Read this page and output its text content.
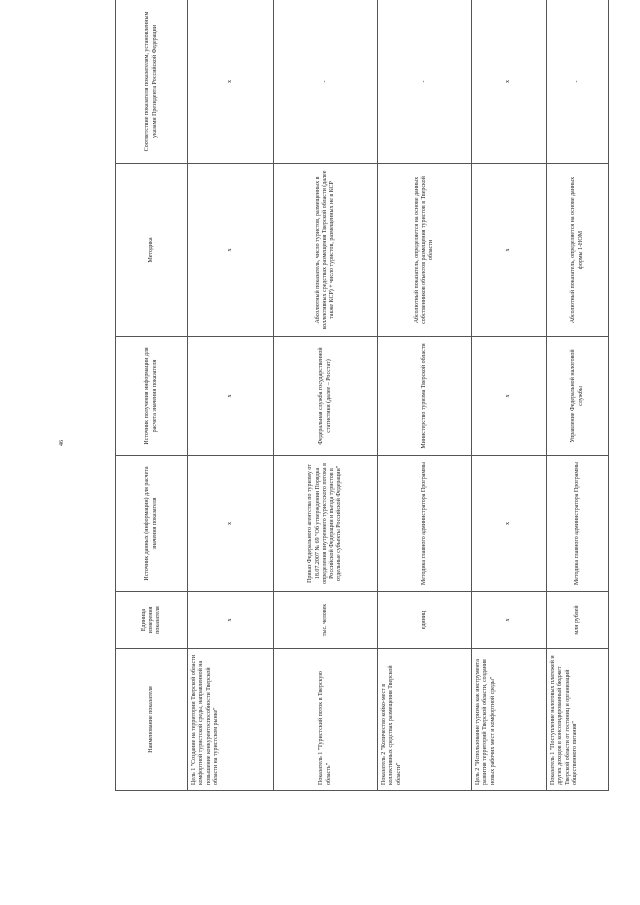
46
Наименование показателя	Единица измерения показателя	Источник данных (информации) для расчета значения показателя	Источник получения информации для расчета значения показателя	Методика	Соответствие показателя показателям, установленным указами Президента Российской Федерации
Цель 1 "Создание на территории Тверской области комфортной туристской среды, направленной на повышение конкурентоспособности Тверской области на туристском рынке"	x	x	x	x	x
Показатель 1 "Туристский поток в Тверскую область"	тыс. человек	Приказ Федерального агентства по туризму от 18.07.2007 № 69 "Об утверждении Порядка определения внутреннего туристского потока в Российской Федерации и въезда туристов в отдельные субъекты Российской Федерации"	Федеральная служба государственной статистики (далее – Росстат)	Абсолютный показатель, число туристов, размещенных в коллективных средствах размещения Тверской области (далее также КСР) + число туристов, размещенных не в КСР	-
Показатель 2 "Количество койко-мест в коллективных средствах размещения Тверской области"	единиц	Методика главного администратора Программы	Министерство туризма Тверской области	Абсолютный показатель, определяется на основе данных собственников объектов размещения туристов в Тверской области	-
Цель 2 "Использование туризма как инструмента развития территорий Тверской области, создания новых рабочих мест и комфортной среды"	x	x	x	x	x
Показатель 1 "Поступление налоговых платежей и других доходов в консолидированный бюджет Тверской области от гостиниц и организаций общественного питания"	млн рублей	Методика главного администратора Программы	Управление Федеральной налоговой службы	Абсолютный показатель, определяется на основе данных формы 1-НОМ	-
